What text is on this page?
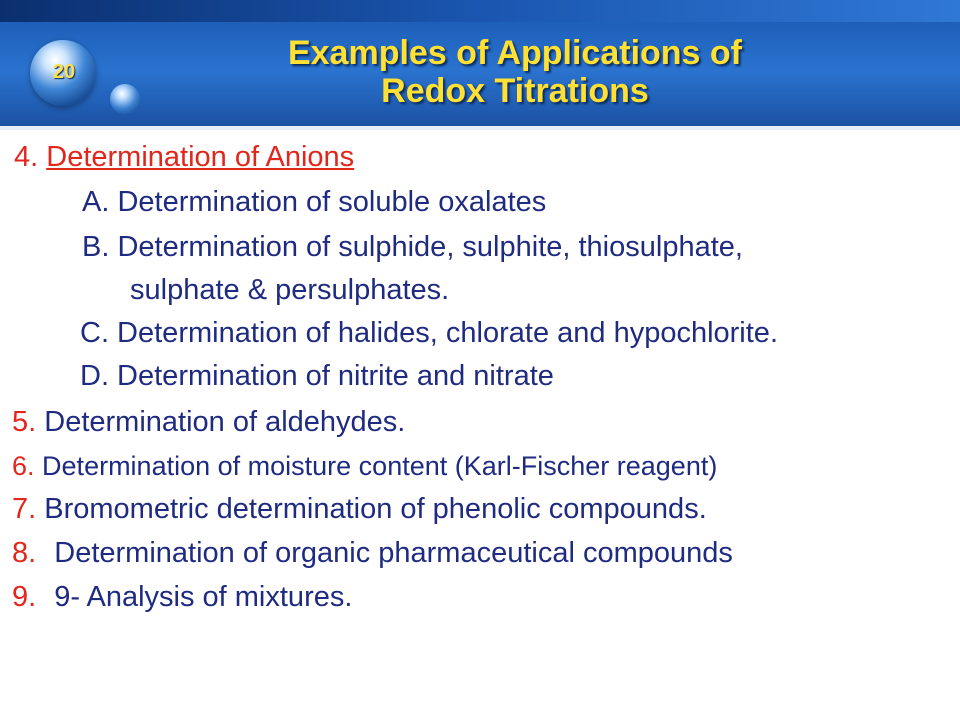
20	Examples of Applications of
Redox Titrations
4. Determination of Anions
A. Determination of soluble oxalates
B. Determination of sulphide, sulphite, thiosulphate,
sulphate & persulphates.
C. Determination of halides, chlorate and hypochlorite.
D. Determination of nitrite and nitrate
5. Determination of aldehydes.
6. Determination of moisture content (Karl-Fischer reagent)
7. Bromometric determination of phenolic compounds.
8. Determination of organic pharmaceutical compounds
9. 9- Analysis of mixtures.
